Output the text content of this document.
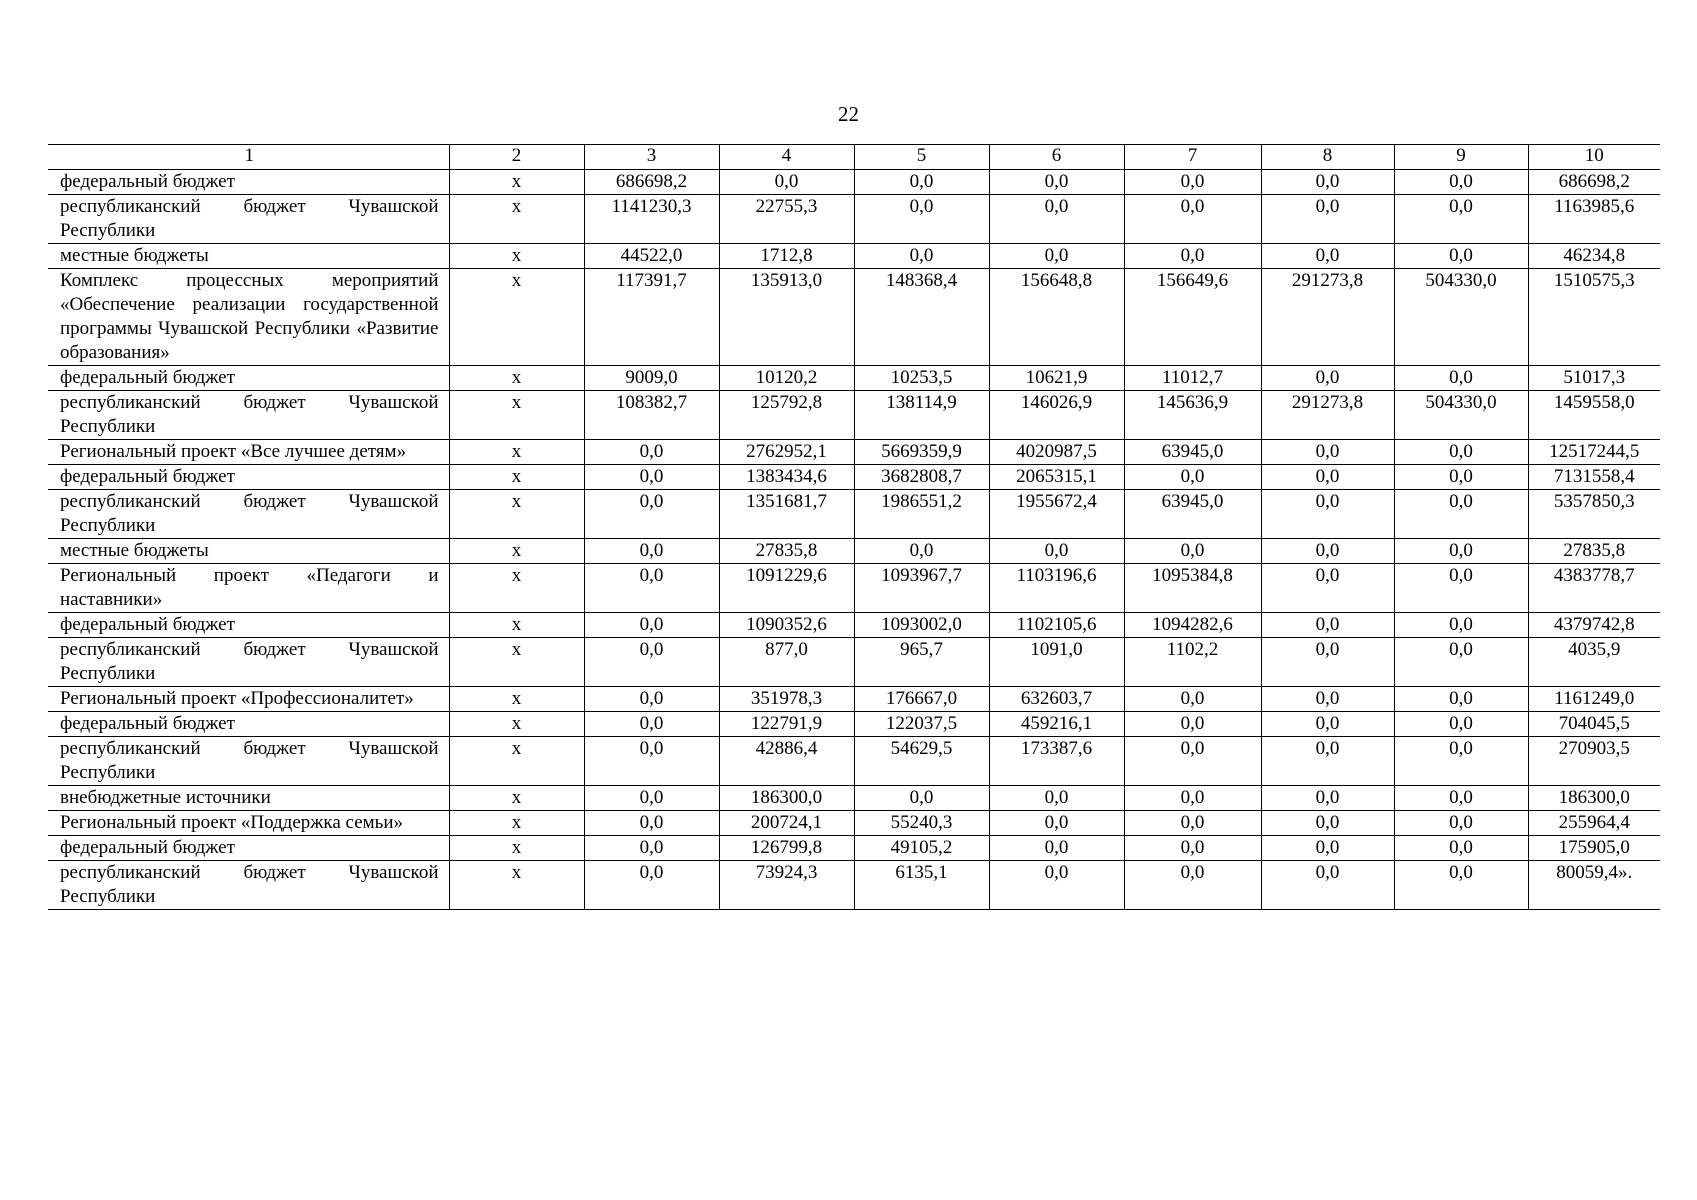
22
1	2	3	4	5	6	7	8	9	10
федеральный бюджет	х	686698,2	0,0	0,0	0,0	0,0	0,0	0,0	686698,2
республиканский бюджет Чувашской Республики	х	1141230,3	22755,3	0,0	0,0	0,0	0,0	0,0	1163985,6
местные бюджеты	х	44522,0	1712,8	0,0	0,0	0,0	0,0	0,0	46234,8
Комплекс процессных мероприятий «Обеспечение реализации государственной программы Чувашской Республики «Развитие образования»	х	117391,7	135913,0	148368,4	156648,8	156649,6	291273,8	504330,0	1510575,3
федеральный бюджет	х	9009,0	10120,2	10253,5	10621,9	11012,7	0,0	0,0	51017,3
республиканский бюджет Чувашской Республики	х	108382,7	125792,8	138114,9	146026,9	145636,9	291273,8	504330,0	1459558,0
Региональный проект «Все лучшее детям»	х	0,0	2762952,1	5669359,9	4020987,5	63945,0	0,0	0,0	12517244,5
федеральный бюджет	х	0,0	1383434,6	3682808,7	2065315,1	0,0	0,0	0,0	7131558,4
республиканский бюджет Чувашской Республики	х	0,0	1351681,7	1986551,2	1955672,4	63945,0	0,0	0,0	5357850,3
местные бюджеты	х	0,0	27835,8	0,0	0,0	0,0	0,0	0,0	27835,8
Региональный проект «Педагоги и наставники»	х	0,0	1091229,6	1093967,7	1103196,6	1095384,8	0,0	0,0	4383778,7
федеральный бюджет	х	0,0	1090352,6	1093002,0	1102105,6	1094282,6	0,0	0,0	4379742,8
республиканский бюджет Чувашской Республики	х	0,0	877,0	965,7	1091,0	1102,2	0,0	0,0	4035,9
Региональный проект «Профессионалитет»	х	0,0	351978,3	176667,0	632603,7	0,0	0,0	0,0	1161249,0
федеральный бюджет	х	0,0	122791,9	122037,5	459216,1	0,0	0,0	0,0	704045,5
республиканский бюджет Чувашской Республики	х	0,0	42886,4	54629,5	173387,6	0,0	0,0	0,0	270903,5
внебюджетные источники	х	0,0	186300,0	0,0	0,0	0,0	0,0	0,0	186300,0
Региональный проект «Поддержка семьи»	х	0,0	200724,1	55240,3	0,0	0,0	0,0	0,0	255964,4
федеральный бюджет	х	0,0	126799,8	49105,2	0,0	0,0	0,0	0,0	175905,0
республиканский бюджет Чувашской Республики	х	0,0	73924,3	6135,1	0,0	0,0	0,0	0,0	80059,4».
